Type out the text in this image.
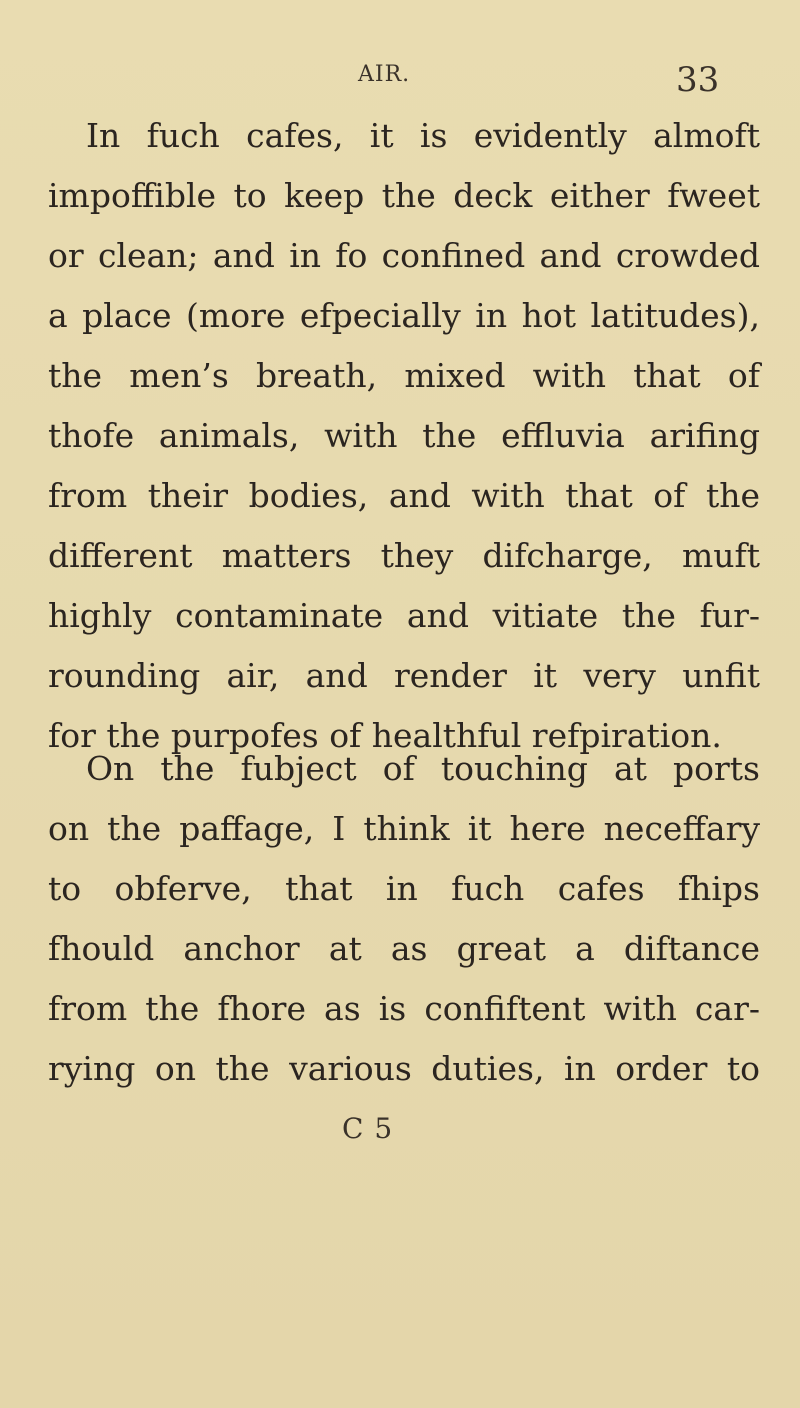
AIR.	33
In fuch cafes, it is evidently almoft
impoffible to keep the deck either fweet
or clean; and in fo confined and crowded
a place (more efpecially in hot latitudes),
the men’s breath, mixed with that of
thofe animals, with the effluvia arifing
from their bodies, and with that of the
different matters they difcharge, muft
highly contaminate and vitiate the fur-
rounding air, and render it very unfit
for the purpofes of healthful refpiration.
On the fubject of touching at ports
on the paffage, I think it here neceffary
to obferve, that in fuch cafes fhips
fhould anchor at as great a diftance
from the fhore as is confiftent with car-
rying on the various duties, in order to
C 5
